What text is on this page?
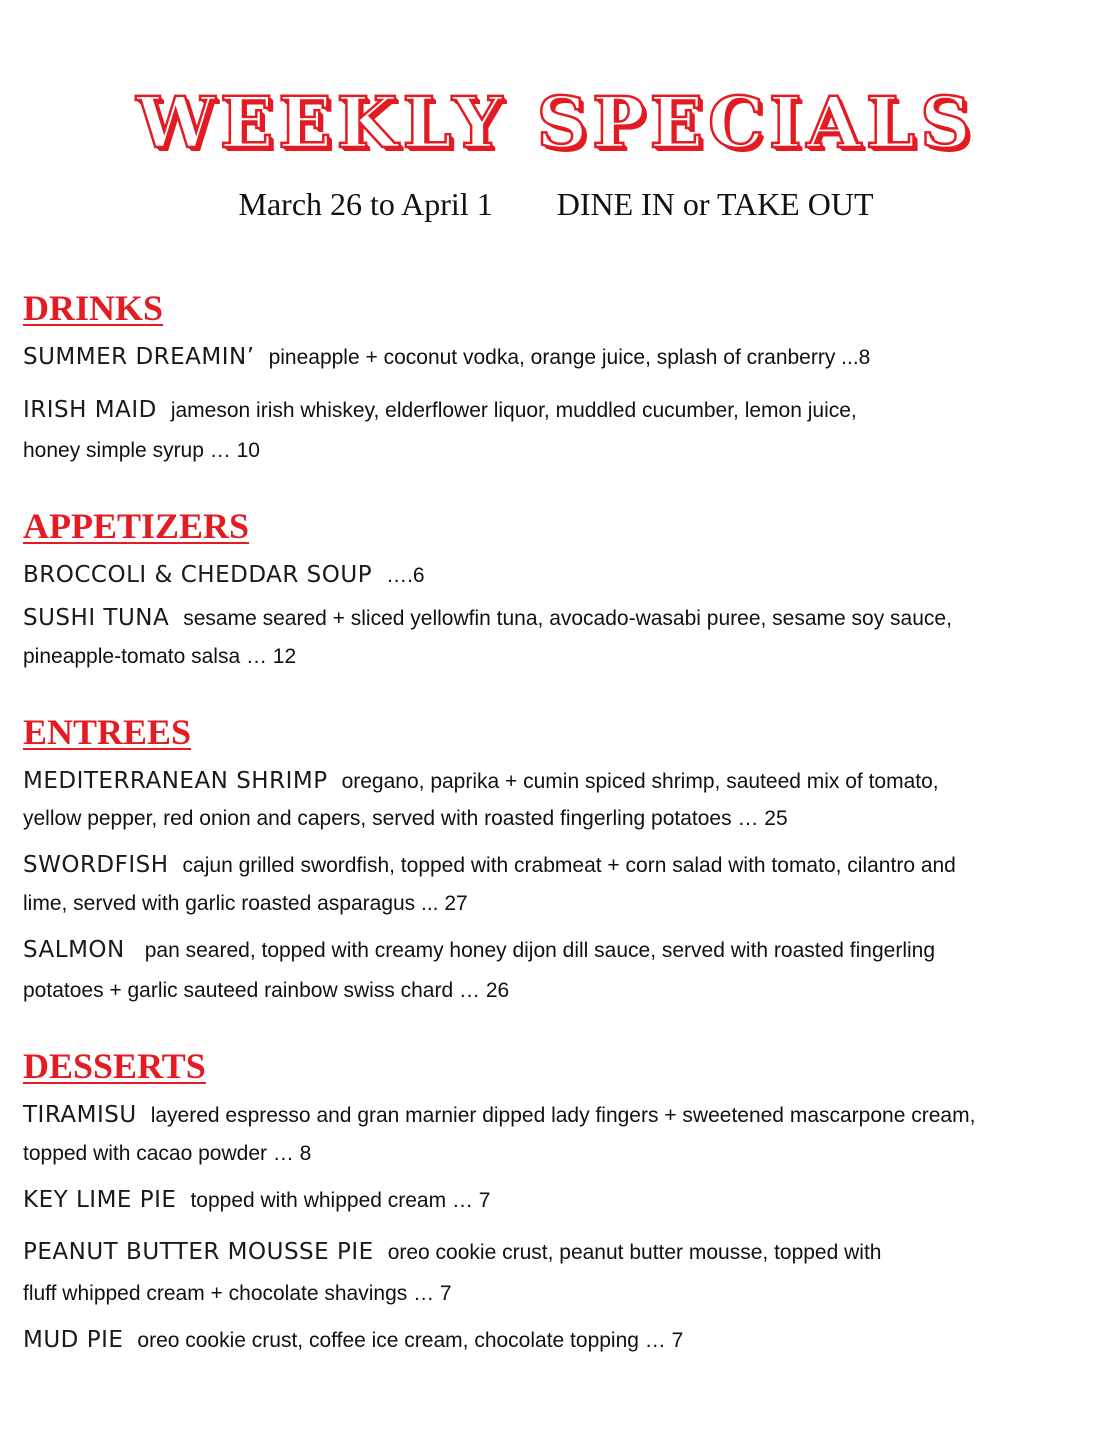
WEEKLY SPECIALS
March 26 to April 1 DINE IN or TAKE OUT
DRINKS
SUMMER DREAMIN’ pineapple + coconut vodka, orange juice, splash of cranberry ...8
IRISH MAID jameson irish whiskey, elderflower liquor, muddled cucumber, lemon juice,
honey simple syrup … 10
APPETIZERS
BROCCOLI & CHEDDAR SOUP ….6
SUSHI TUNA sesame seared + sliced yellowfin tuna, avocado-wasabi puree, sesame soy sauce,
pineapple-tomato salsa … 12
ENTREES
MEDITERRANEAN SHRIMP oregano, paprika + cumin spiced shrimp, sauteed mix of tomato,
yellow pepper, red onion and capers, served with roasted fingerling potatoes … 25
SWORDFISH cajun grilled swordfish, topped with crabmeat + corn salad with tomato, cilantro and
lime, served with garlic roasted asparagus ... 27
SALMON pan seared, topped with creamy honey dijon dill sauce, served with roasted fingerling
potatoes + garlic sauteed rainbow swiss chard … 26
DESSERTS
TIRAMISU layered espresso and gran marnier dipped lady fingers + sweetened mascarpone cream,
topped with cacao powder … 8
KEY LIME PIE topped with whipped cream … 7
PEANUT BUTTER MOUSSE PIE oreo cookie crust, peanut butter mousse, topped with
fluff whipped cream + chocolate shavings … 7
MUD PIE oreo cookie crust, coffee ice cream, chocolate topping … 7
